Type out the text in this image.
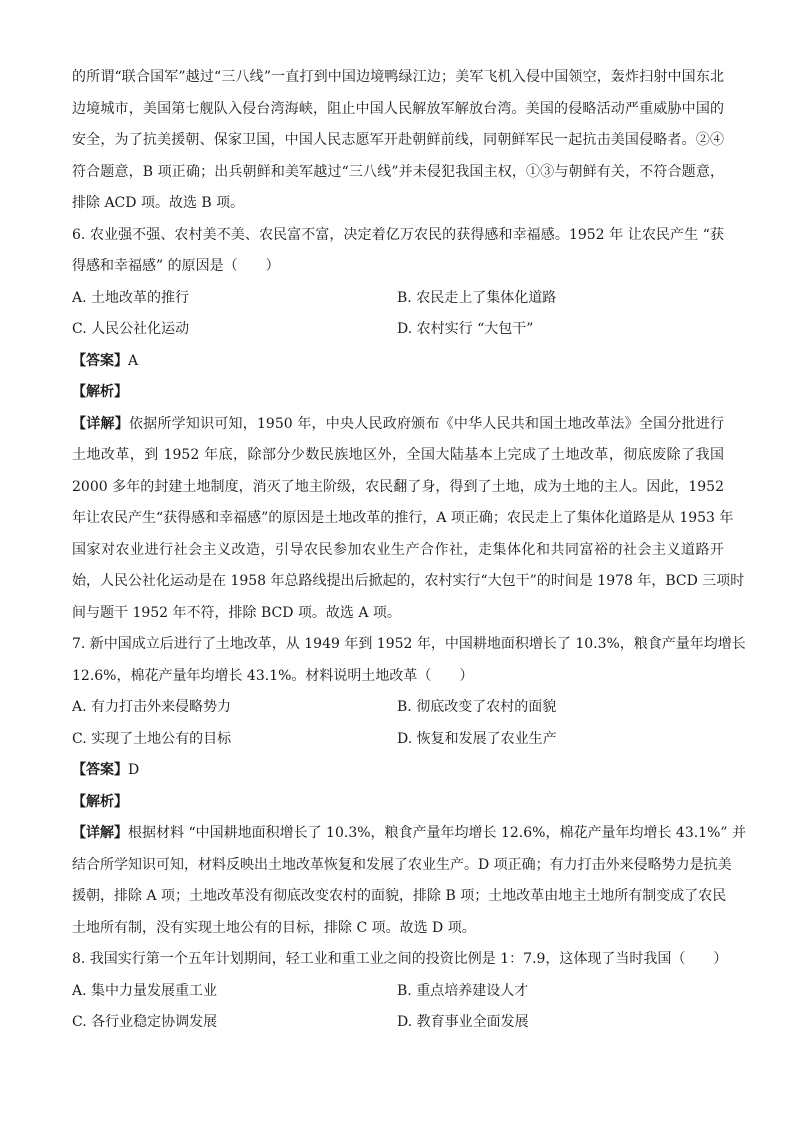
的所谓“联合国军”越过“三八线”一直打到中国边境鸭绿江边；美军飞机入侵中国领空，轰炸扫射中国东北
边境城市，美国第七舰队入侵台湾海峡，阻止中国人民解放军解放台湾。美国的侵略活动严重威胁中国的
安全，为了抗美援朝、保家卫国，中国人民志愿军开赴朝鲜前线，同朝鲜军民一起抗击美国侵略者。②④
符合题意，B 项正确；出兵朝鲜和美军越过“三八线”并未侵犯我国主权，①③与朝鲜有关，不符合题意，
排除 ACD 项。故选 B 项。
6. 农业强不强、农村美不美、农民富不富，决定着亿万农民的获得感和幸福感。1952 年 让农民产生 “获
得感和幸福感” 的原因是（　　）
A. 土地改革的推行	B. 农民走上了集体化道路
C. 人民公社化运动	D. 农村实行 “大包干”
【答案】A
【解析】
【详解】依据所学知识可知，1950 年，中央人民政府颁布《中华人民共和国土地改革法》全国分批进行
土地改革，到 1952 年底，除部分少数民族地区外，全国大陆基本上完成了土地改革，彻底废除了我国
2000 多年的封建土地制度，消灭了地主阶级，农民翻了身，得到了土地，成为土地的主人。因此，1952
年让农民产生“获得感和幸福感”的原因是土地改革的推行，A 项正确；农民走上了集体化道路是从 1953 年
国家对农业进行社会主义改造，引导农民参加农业生产合作社，走集体化和共同富裕的社会主义道路开
始，人民公社化运动是在 1958 年总路线提出后掀起的，农村实行“大包干”的时间是 1978 年，BCD 三项时
间与题干 1952 年不符，排除 BCD 项。故选 A 项。
7. 新中国成立后进行了土地改革，从 1949 年到 1952 年，中国耕地面积增长了 10.3%，粮食产量年均增长
12.6%，棉花产量年均增长 43.1%。材料说明土地改革（　　）
A. 有力打击外来侵略势力	B. 彻底改变了农村的面貌
C. 实现了土地公有的目标	D. 恢复和发展了农业生产
【答案】D
【解析】
【详解】根据材料 “中国耕地面积增长了 10.3%，粮食产量年均增长 12.6%，棉花产量年均增长 43.1%” 并
结合所学知识可知，材料反映出土地改革恢复和发展了农业生产。D 项正确；有力打击外来侵略势力是抗美
援朝，排除 A 项；土地改革没有彻底改变农村的面貌，排除 B 项；土地改革由地主土地所有制变成了农民
土地所有制，没有实现土地公有的目标，排除 C 项。故选 D 项。
8. 我国实行第一个五年计划期间，轻工业和重工业之间的投资比例是 1：7.9，这体现了当时我国（　　）
A. 集中力量发展重工业	B. 重点培养建设人才
C. 各行业稳定协调发展	D. 教育事业全面发展
